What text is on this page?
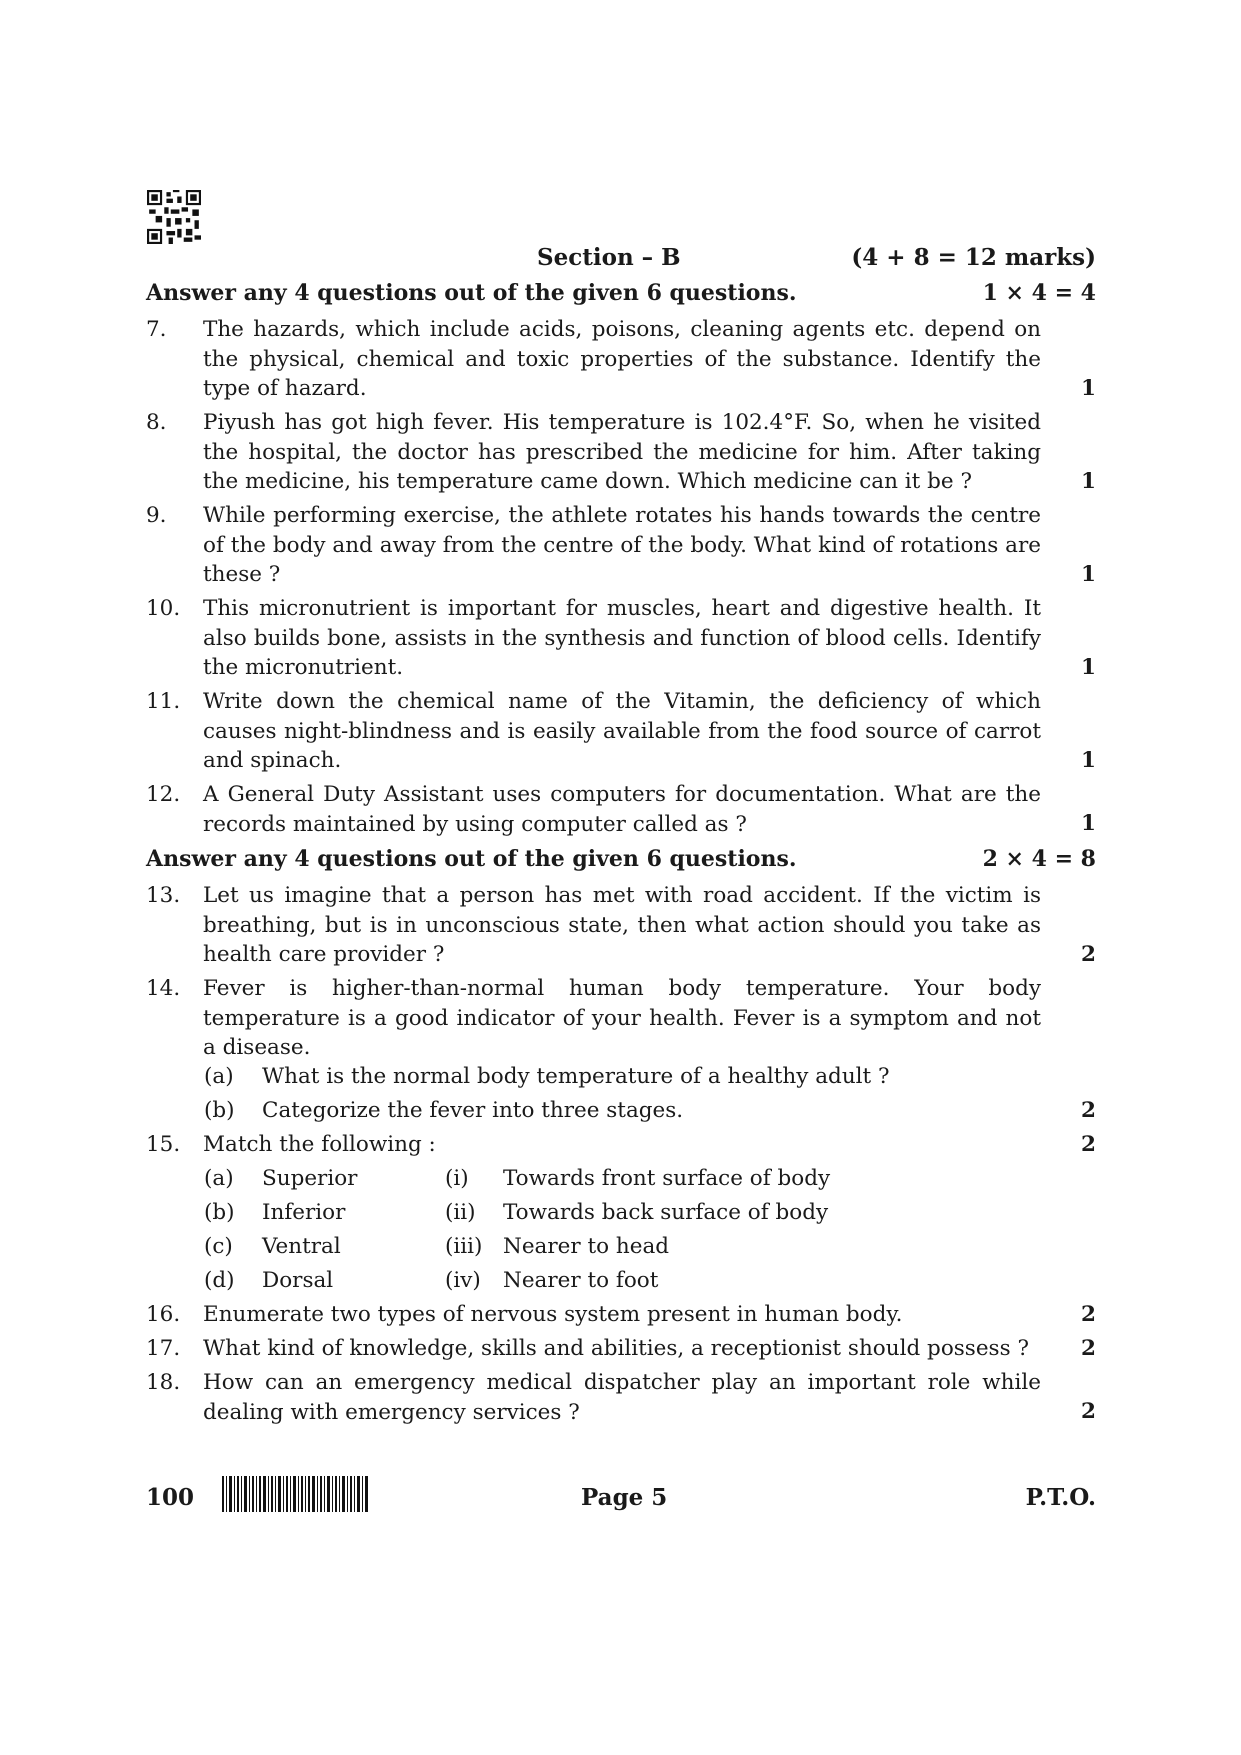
Section – B	(4 + 8 = 12 marks)
Answer any 4 questions out of the given 6 questions.	1 × 4 = 4
7. The hazards, which include acids, poisons, cleaning agents etc. depend on the physical, chemical and toxic properties of the substance. Identify the type of hazard.	1
8. Piyush has got high fever. His temperature is 102.4°F. So, when he visited the hospital, the doctor has prescribed the medicine for him. After taking the medicine, his temperature came down. Which medicine can it be ?	1
9. While performing exercise, the athlete rotates his hands towards the centre of the body and away from the centre of the body. What kind of rotations are these ?	1
10. This micronutrient is important for muscles, heart and digestive health. It also builds bone, assists in the synthesis and function of blood cells. Identify the micronutrient.	1
11. Write down the chemical name of the Vitamin, the deficiency of which causes night-blindness and is easily available from the food source of carrot and spinach.	1
12. A General Duty Assistant uses computers for documentation. What are the records maintained by using computer called as ?	1
Answer any 4 questions out of the given 6 questions.	2 × 4 = 8
13. Let us imagine that a person has met with road accident. If the victim is breathing, but is in unconscious state, then what action should you take as health care provider ?	2
14. Fever is higher-than-normal human body temperature. Your body temperature is a good indicator of your health. Fever is a symptom and not a disease.
(a) What is the normal body temperature of a healthy adult ?
(b) Categorize the fever into three stages.	2
15. Match the following :	2
(a) Superior	(i) Towards front surface of body
(b) Inferior	(ii) Towards back surface of body
(c) Ventral	(iii) Nearer to head
(d) Dorsal	(iv) Nearer to foot
16. Enumerate two types of nervous system present in human body.	2
17. What kind of knowledge, skills and abilities, a receptionist should possess ?	2
18. How can an emergency medical dispatcher play an important role while dealing with emergency services ?	2
100	Page 5	P.T.O.
